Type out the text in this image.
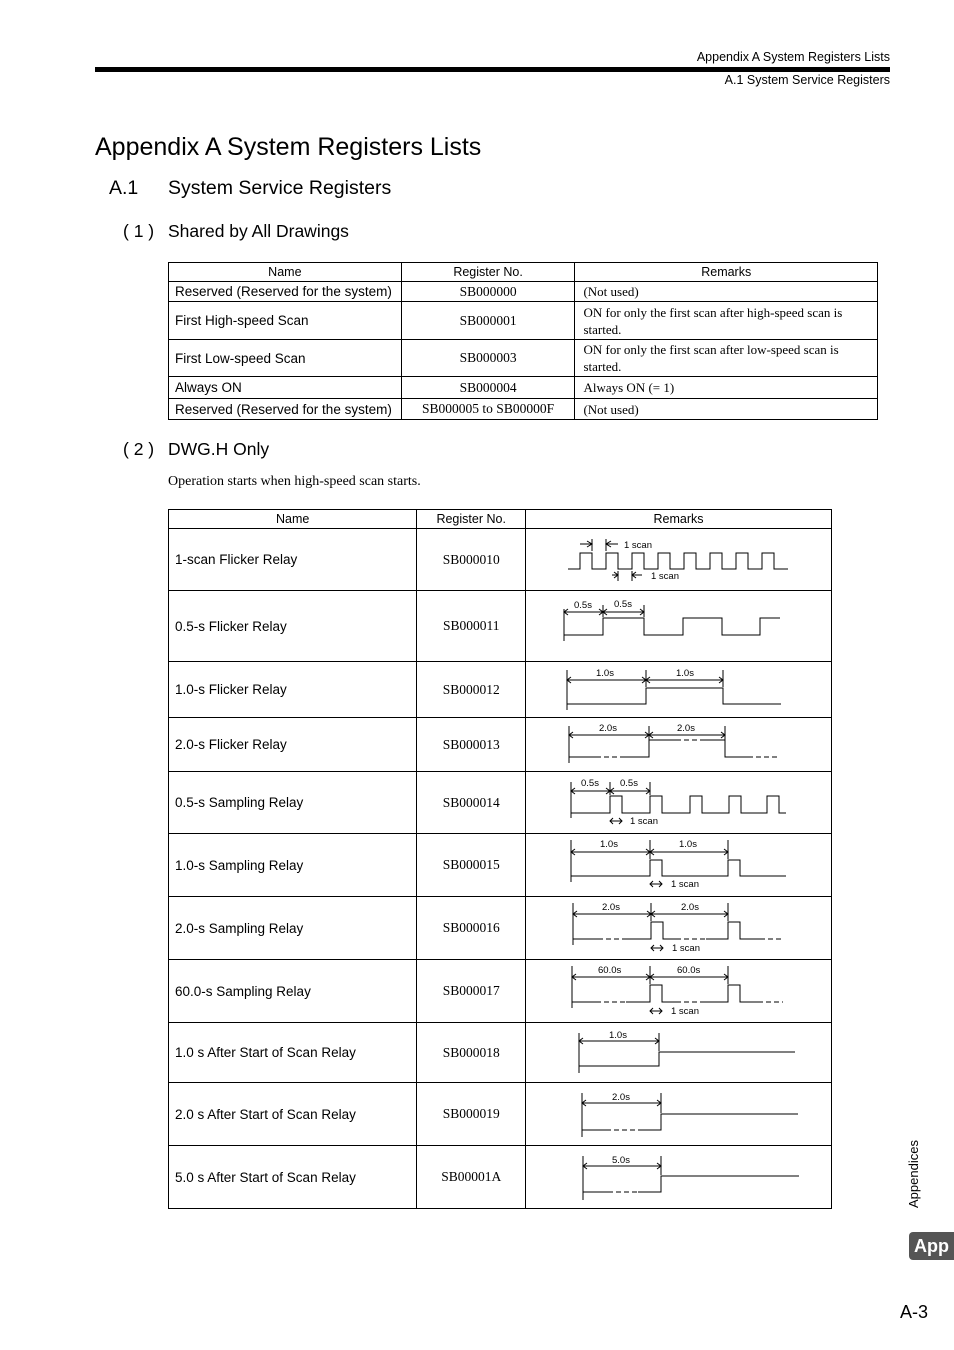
Appendix A System Registers Lists
A.1 System Service Registers
Appendix A System Registers Lists
A.1 System Service Registers
( 1 ) Shared by All Drawings
Name	Register No.	Remarks
Reserved (Reserved for the system)	SB000000	(Not used)
First High-speed Scan	SB000001	ON for only the first scan after high-speed scan is started.
First Low-speed Scan	SB000003	ON for only the first scan after low-speed scan is started.
Always ON	SB000004	Always ON (= 1)
Reserved (Reserved for the system)	SB000005 to SB00000F	(Not used)
( 2 ) DWG.H Only
Operation starts when high-speed scan starts.
Name	Register No.	Remarks
1-scan Flicker Relay	SB000010	1 scan
1 scan

0.5-s Flicker Relay	SB000011	0.5s 0.5s

1.0-s Flicker Relay	SB000012	1.0s 1.0s

2.0-s Flicker Relay	SB000013	2.0s 2.0s

0.5-s Sampling Relay	SB000014	0.5s 0.5s
1 scan

1.0-s Sampling Relay	SB000015	1.0s 1.0s
1 scan

2.0-s Sampling Relay	SB000016	2.0s 2.0s
1 scan

60.0-s Sampling Relay	SB000017	60.0s 60.0s
1 scan

1.0 s After Start of Scan Relay	SB000018	1.0s

2.0 s After Start of Scan Relay	SB000019	2.0s

5.0 s After Start of Scan Relay	SB00001A	5.0s	Appendices
App
A-3
